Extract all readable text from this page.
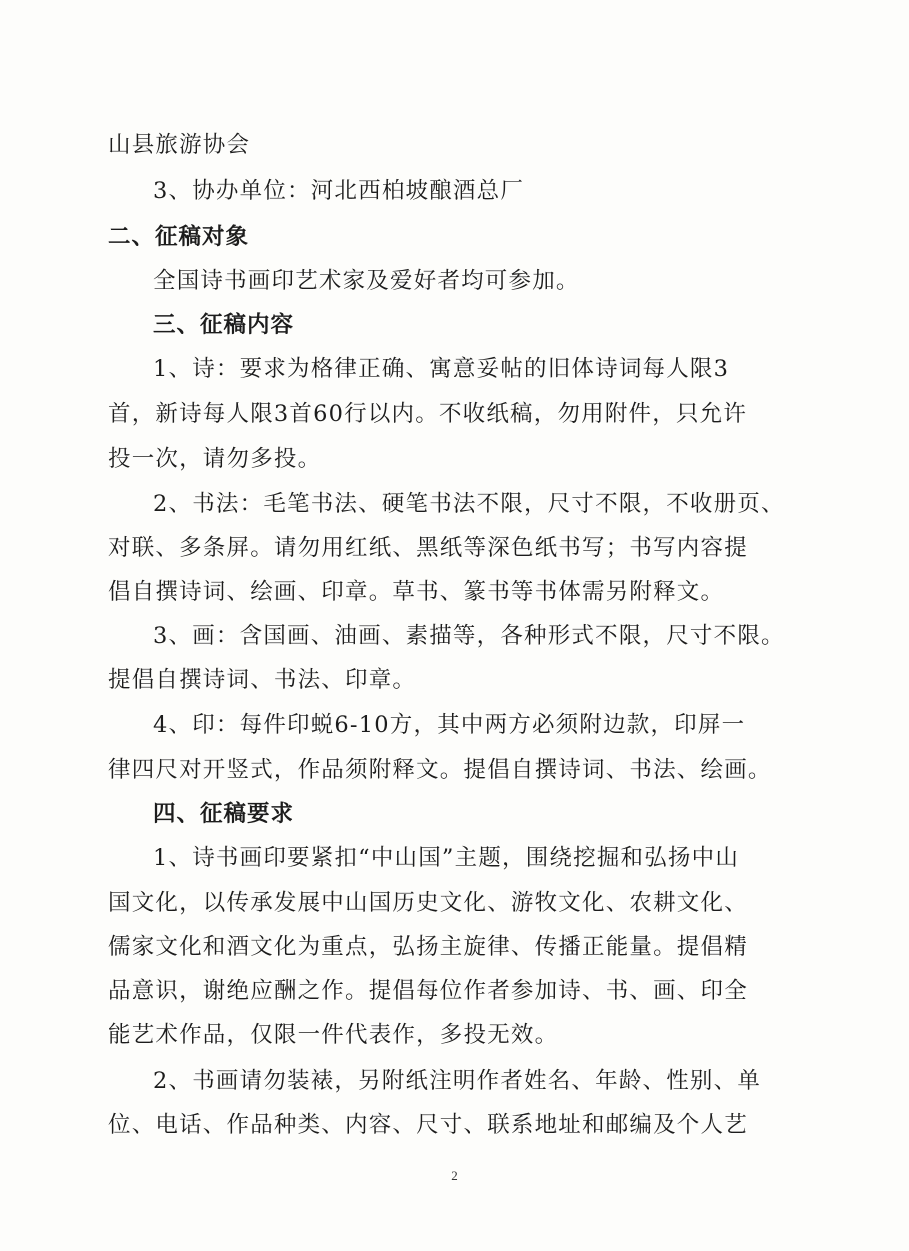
山县旅游协会
3、协办单位：河北西柏坡酿酒总厂
二、征稿对象
全国诗书画印艺术家及爱好者均可参加。
三、征稿内容
1、诗：要求为格律正确、寓意妥帖的旧体诗词每人限3
首，新诗每人限3首60行以内。不收纸稿，勿用附件，只允许
投一次，请勿多投。
2、书法：毛笔书法、硬笔书法不限，尺寸不限，不收册页、
对联、多条屏。请勿用红纸、黑纸等深色纸书写；书写内容提
倡自撰诗词、绘画、印章。草书、篆书等书体需另附释文。
3、画：含国画、油画、素描等，各种形式不限，尺寸不限。
提倡自撰诗词、书法、印章。
4、印：每件印蜕6-10方，其中两方必须附边款，印屏一
律四尺对开竖式，作品须附释文。提倡自撰诗词、书法、绘画。
四、征稿要求
1、诗书画印要紧扣“中山国”主题，围绕挖掘和弘扬中山
国文化，以传承发展中山国历史文化、游牧文化、农耕文化、
儒家文化和酒文化为重点，弘扬主旋律、传播正能量。提倡精
品意识，谢绝应酬之作。提倡每位作者参加诗、书、画、印全
能艺术作品，仅限一件代表作，多投无效。
2、书画请勿装裱，另附纸注明作者姓名、年龄、性别、单
位、电话、作品种类、内容、尺寸、联系地址和邮编及个人艺
2
